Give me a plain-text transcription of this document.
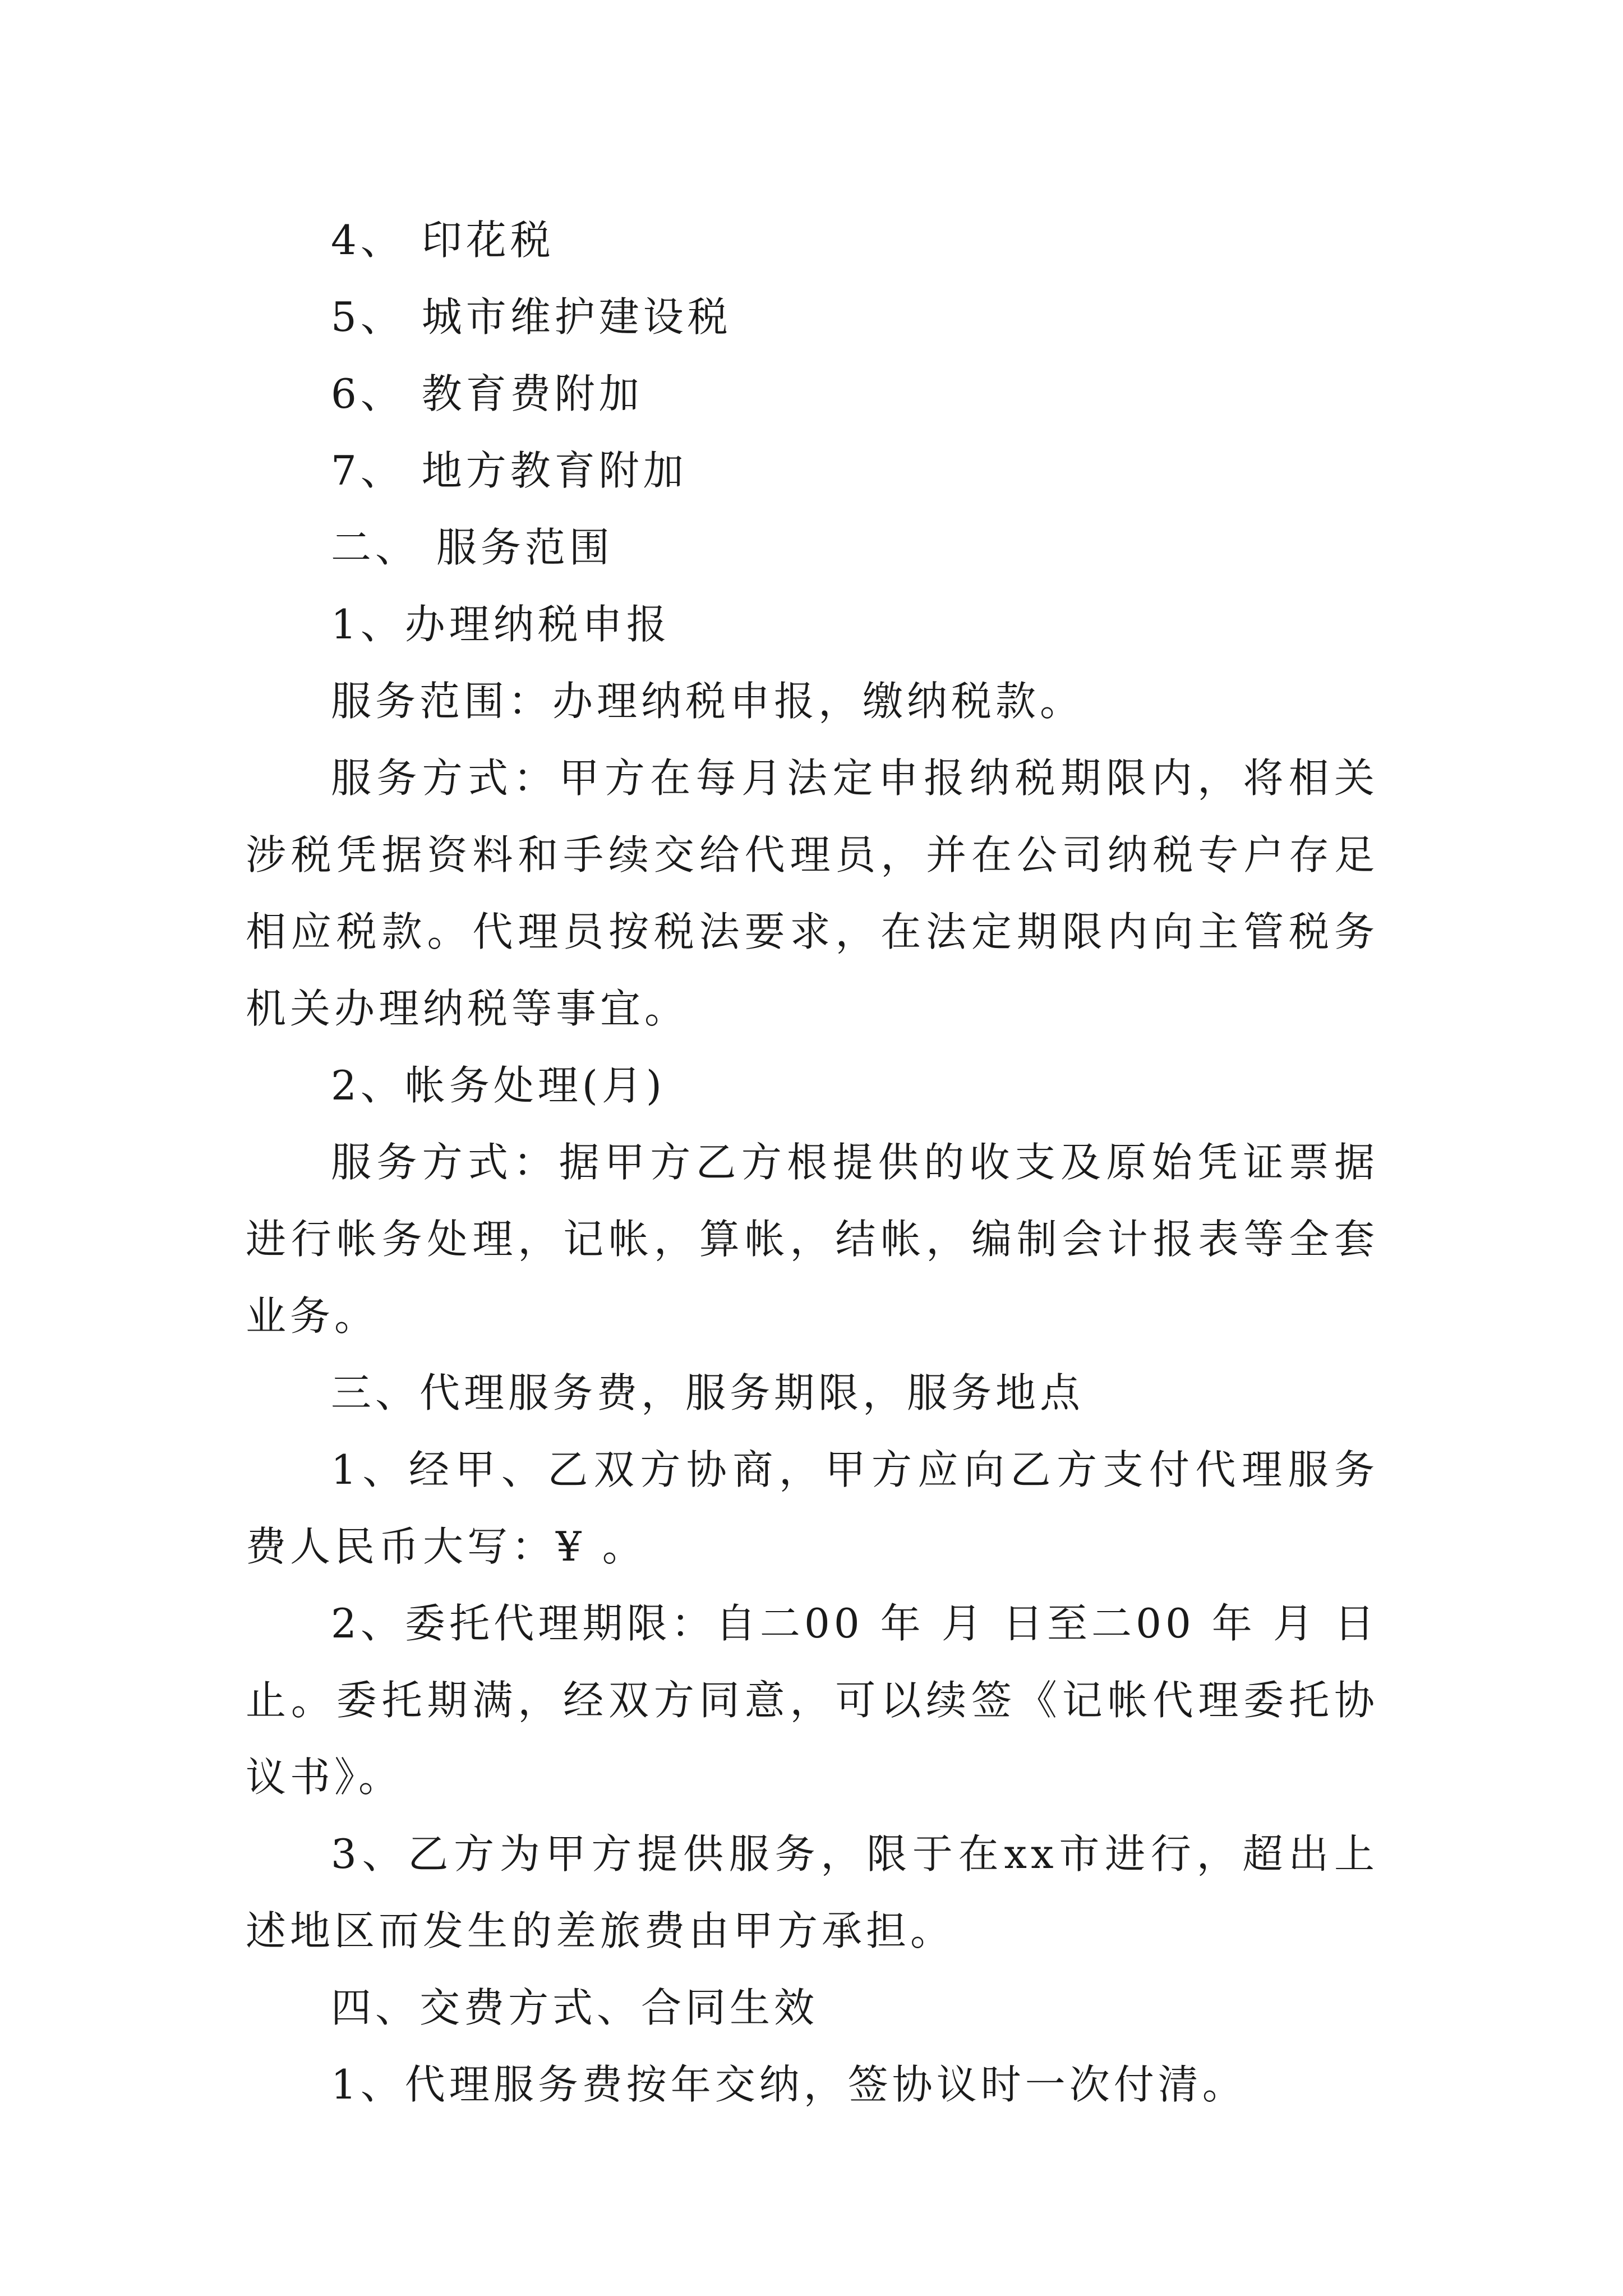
4、 印花税

5、 城市维护建设税

6、 教育费附加

7、 地方教育附加

二、 服务范围

1、办理纳税申报

服务范围：办理纳税申报，缴纳税款。

服务方式：甲方在每月法定申报纳税期限内，将相关涉税凭据资料和手续交给代理员，并在公司纳税专户存足相应税款。代理员按税法要求，在法定期限内向主管税务机关办理纳税等事宜。

2、帐务处理(月)

服务方式：据甲方乙方根提供的收支及原始凭证票据进行帐务处理，记帐，算帐，结帐，编制会计报表等全套业务。

三、代理服务费，服务期限，服务地点

1、经甲、乙双方协商，甲方应向乙方支付代理服务费人民币大写：¥ 。

2、委托代理期限：自二00 年 月 日至二00 年 月 日止。委托期满，经双方同意，可以续签《记帐代理委托协议书》。

3、乙方为甲方提供服务，限于在xx市进行，超出上述地区而发生的差旅费由甲方承担。

四、交费方式、合同生效

1、代理服务费按年交纳，签协议时一次付清。
